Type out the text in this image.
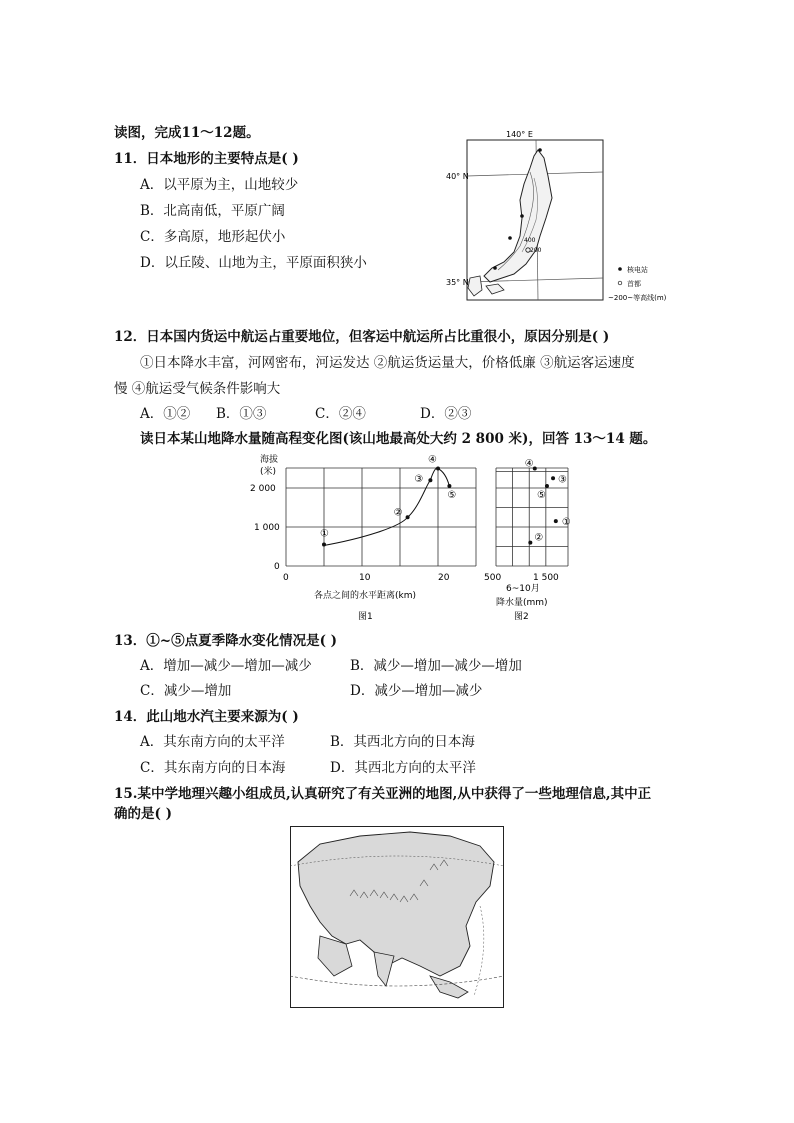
读图，完成11～12题。
11．日本地形的主要特点是( )
A．以平原为主，山地较少
B．北高南低，平原广阔
C．多高原，地形起伏小
D．以丘陵、山地为主，平原面积狭小
140° E
40° N
35° N
400
200
核电站
首都
~200~等高线(m)
12．日本国内货运中航运占重要地位，但客运中航运所占比重很小，原因分别是( )
①日本降水丰富，河网密布，河运发达 ②航运货运量大，价格低廉 ③航运客运速度
慢 ④航运受气候条件影响大
A．①② B．①③	C．②④	D．②③
读日本某山地降水量随高程变化图(该山地最高处大约 2 800 米)，回答 13～14 题。
海拔
(米)
2 000
1 000
0
0	10	20
各点之间的水平距离(km)
图1
①
②
③
④
⑤
①
②
③
④
⑤
500	1 500
6~10月
降水量(mm)
图2
13．①~⑤点夏季降水变化情况是( )
A．增加—减少—增加—减少	B．减少—增加—减少—增加
C．减少—增加	D．减少—增加—减少
14．此山地水汽主要来源为( )
A．其东南方向的太平洋	B．其西北方向的日本海
C．其东南方向的日本海	D．其西北方向的太平洋
15.某中学地理兴趣小组成员,认真研究了有关亚洲的地图,从中获得了一些地理信息,其中正
确的是( )
